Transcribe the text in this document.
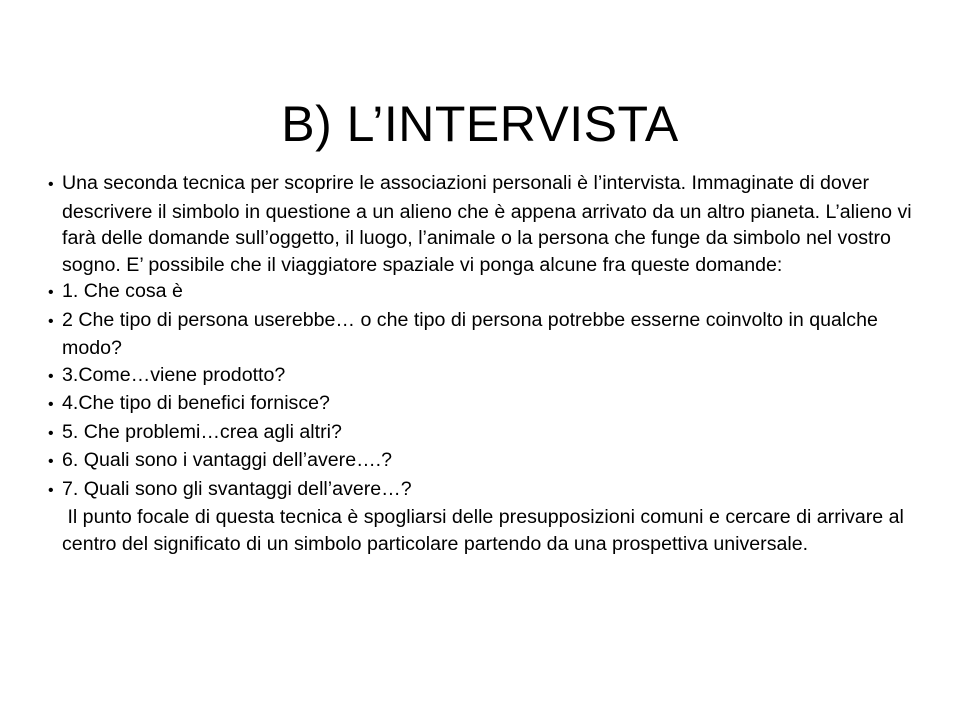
B) L’INTERVISTA

• Una seconda tecnica per scoprire le associazioni personali è l’intervista. Immaginate di dover descrivere il simbolo in questione a un alieno che è appena arrivato da un altro pianeta. L’alieno vi farà delle domande sull’oggetto, il luogo, l’animale o la persona che funge da simbolo nel vostro sogno. E’ possibile che il viaggiatore spaziale vi ponga alcune fra queste domande:

• 1. Che cosa è

• 2 Che tipo di persona userebbe… o che tipo di persona potrebbe esserne coinvolto in qualche modo?

• 3.Come…viene prodotto?

• 4.Che tipo di benefici fornisce?

• 5. Che problemi…crea agli altri?

• 6. Quali sono i vantaggi dell’avere….?

• 7. Quali sono gli svantaggi dell’avere…?

Il punto focale di questa tecnica è spogliarsi delle presupposizioni comuni e cercare di arrivare al centro del significato di un simbolo particolare partendo da una prospettiva universale.
